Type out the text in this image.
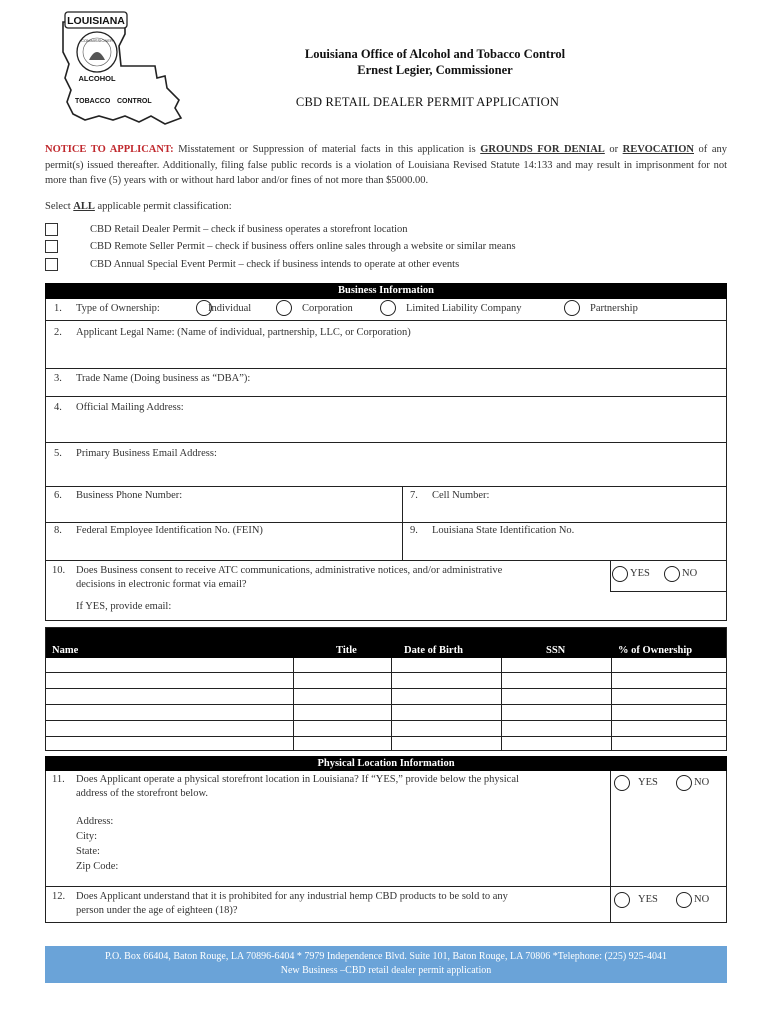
LOUISIANA
COMMISSIONER
ALCOHOL
TOBACCO CONTROL
Louisiana Office of Alcohol and Tobacco Control
Ernest Legier, Commissioner
CBD RETAIL DEALER PERMIT APPLICATION
NOTICE TO APPLICANT: Misstatement or Suppression of material facts in this application is GROUNDS FOR DENIAL or REVOCATION of any permit(s) issued thereafter. Additionally, filing false public records is a violation of Louisiana Revised Statute 14:133 and may result in imprisonment for not more than five (5) years with or without hard labor and/or fines of not more than $5000.00.
Select ALL applicable permit classification:
CBD Retail Dealer Permit – check if business operates a storefront location
CBD Remote Seller Permit – check if business offers online sales through a website or similar means
CBD Annual Special Event Permit – check if business intends to operate at other events
Business Information
1. Type of Ownership:	Individual	Corporation	Limited Liability Company	Partnership
2. Applicant Legal Name: (Name of individual, partnership, LLC, or Corporation)
3. Trade Name (Doing business as “DBA”):
4. Official Mailing Address:
5. Primary Business Email Address:
6. Business Phone Number:	7. Cell Number:
8. Federal Employee Identification No. (FEIN)	9. Louisiana State Identification No.
10. Does Business consent to receive ATC communications, administrative notices, and/or administrative
decisions in electronic format via email?
If YES, provide email:
YES	NO
Name	Title	Date of Birth	SSN	% of Ownership
Physical Location Information
11. Does Applicant operate a physical storefront location in Louisiana? If “YES,” provide below the physical
address of the storefront below.
Address:
City:
State:
Zip Code:
YES	NO
12. Does Applicant understand that it is prohibited for any industrial hemp CBD products to be sold to any
person under the age of eighteen (18)?
YES	NO
P.O. Box 66404, Baton Rouge, LA 70896-6404 * 7979 Independence Blvd. Suite 101, Baton Rouge, LA 70806 *Telephone: (225) 925-4041
New Business –CBD retail dealer permit application
